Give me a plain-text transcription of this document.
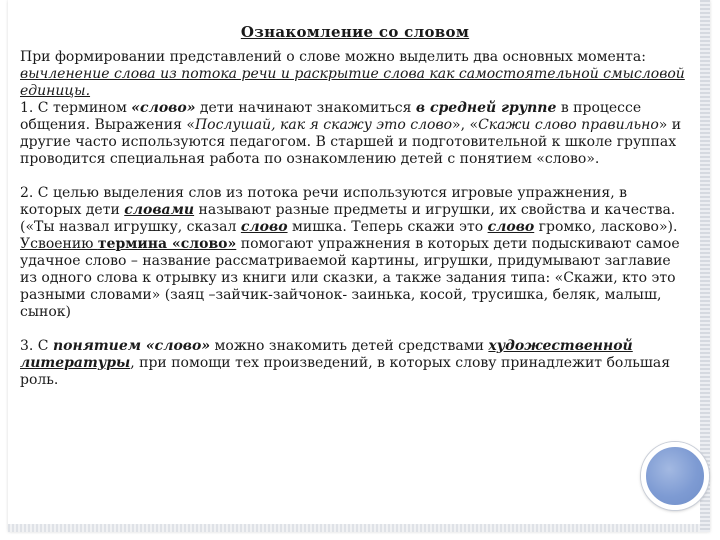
Ознакомление со словом

При формировании представлений о слове можно выделить два основных момента: вычленение слова из потока речи и раскрытие слова как самостоятельной смысловой единицы.
1. С термином «слово» дети начинают знакомиться в средней группе в процессе общения. Выражения «Послушай, как я скажу это слово», «Скажи слово правильно» и другие часто используются педагогом. В старшей и подготовительной к школе группах проводится специальная работа по ознакомлению детей с понятием «слово».

2. С целью выделения слов из потока речи используются игровые упражнения, в которых дети словами называют разные предметы и игрушки, их свойства и качества.
(«Ты назвал игрушку, сказал слово мишка. Теперь скажи это слово громко, ласково»).
Усвоению термина «слово» помогают упражнения в которых дети подыскивают самое удачное слово – название рассматриваемой картины, игрушки, придумывают заглавие из одного слова к отрывку из книги или сказки, а также задания типа: «Скажи, кто это разными словами» (заяц –зайчик-зайчонок- заинька, косой, трусишка, беляк, малыш, сынок)

3. С понятием «слово» можно знакомить детей средствами художественной литературы, при помощи тех произведений, в которых слову принадлежит большая роль.
